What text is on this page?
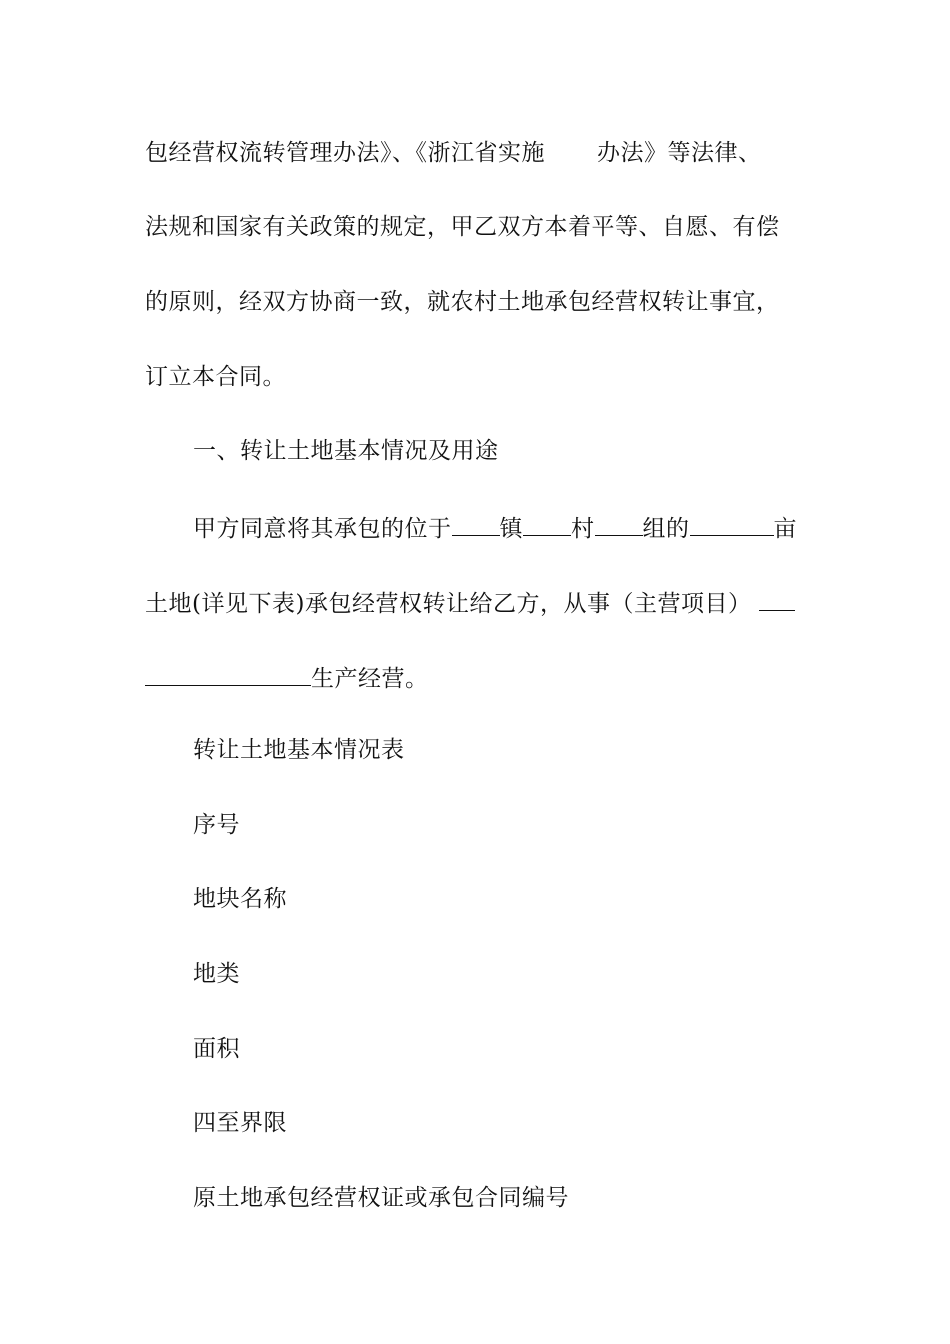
包经营权流转管理办法》、《浙江省实施 办法》等法律、
法规和国家有关政策的规定，甲乙双方本着平等、自愿、有偿
的原则，经双方协商一致，就农村土地承包经营权转让事宜，
订立本合同。
一、转让土地基本情况及用途
甲方同意将其承包的位于 镇 村 组的	亩
土地(详见下表)承包经营权转让给乙方，从事（主营项目）
生产经营。
转让土地基本情况表
序号
地块名称
地类
面积
四至界限
原土地承包经营权证或承包合同编号
